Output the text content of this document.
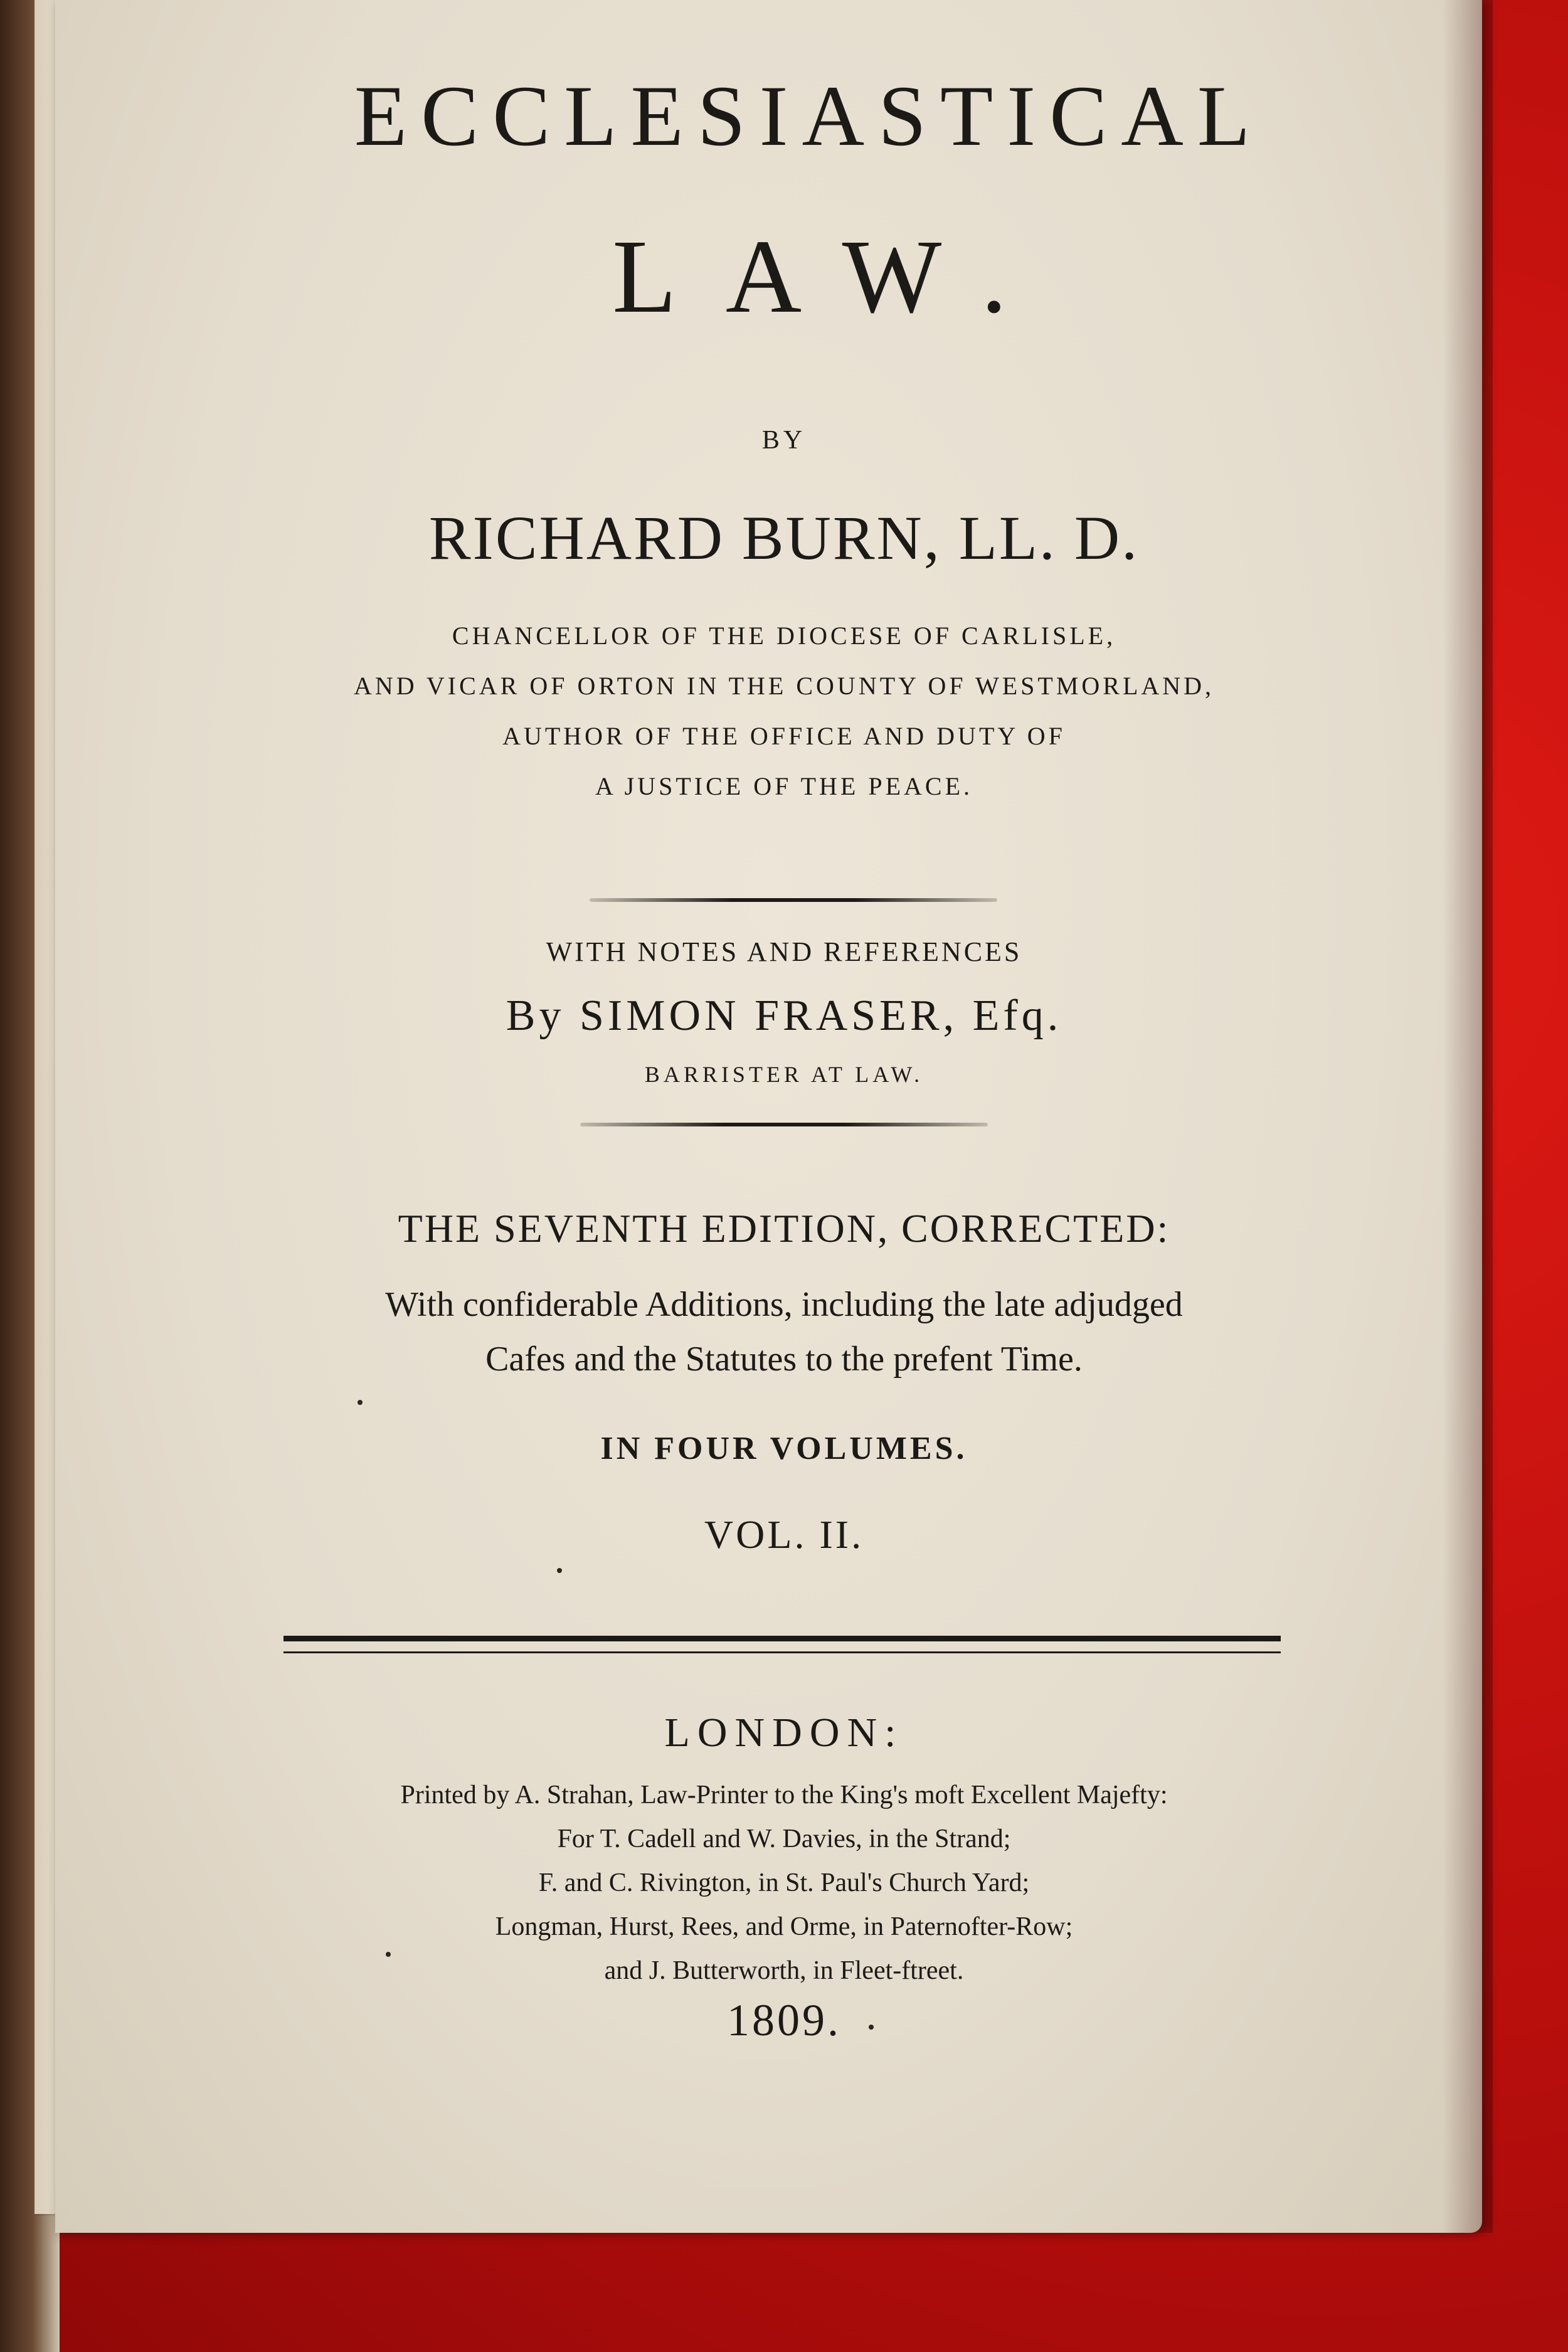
ECCLESIASTICAL
LAW.
BY
RICHARD BURN, LL. D.
CHANCELLOR OF THE DIOCESE OF CARLISLE,
AND VICAR OF ORTON IN THE COUNTY OF WESTMORLAND,
AUTHOR OF THE OFFICE AND DUTY OF
A JUSTICE OF THE PEACE.
WITH NOTES AND REFERENCES
By SIMON FRASER, Efq.
BARRISTER AT LAW.
THE SEVENTH EDITION, CORRECTED:
With confiderable Additions, including the late adjudged
Cafes and the Statutes to the prefent Time.
IN FOUR VOLUMES.
VOL. II.
LONDON:
Printed by A. Strahan, Law-Printer to the King's moft Excellent Majefty:
For T. Cadell and W. Davies, in the Strand;
F. and C. Rivington, in St. Paul's Church Yard;
Longman, Hurst, Rees, and Orme, in Paternofter-Row;
and J. Butterworth, in Fleet-ftreet.
1809.
